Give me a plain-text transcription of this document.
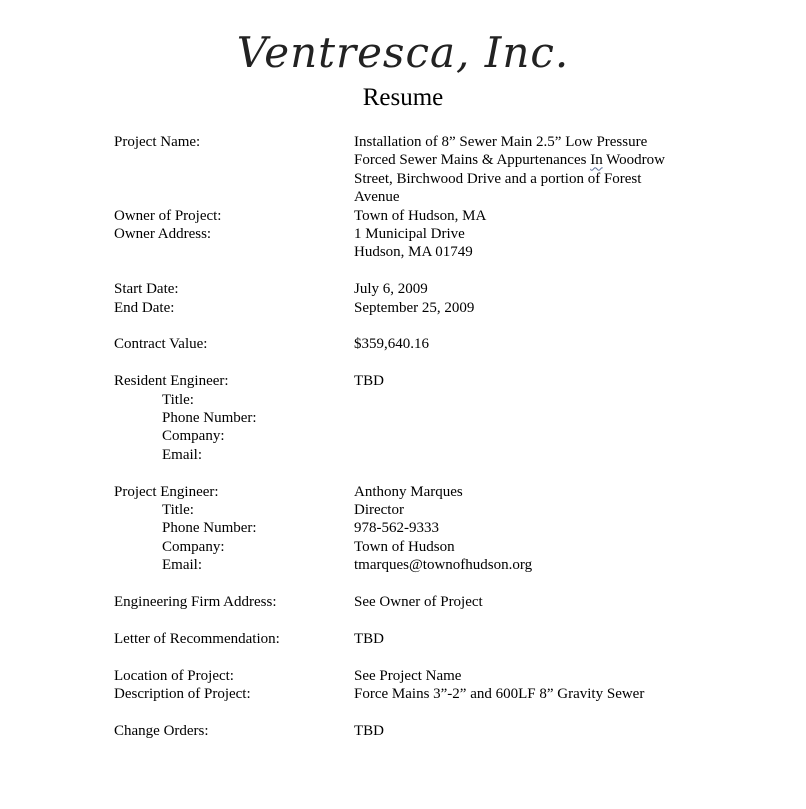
Ventresca, Inc.
Resume
Project Name:	Installation of 8” Sewer Main 2.5” Low Pressure
Forced Sewer Mains & Appurtenances In Woodrow
Street, Birchwood Drive and a portion of Forest
Avenue
Owner of Project:	Town of Hudson, MA
Owner Address:	1 Municipal Drive
Hudson, MA 01749
Start Date:	July 6, 2009
End Date:	September 25, 2009
Contract Value:	$359,640.16
Resident Engineer:	TBD
Title:
Phone Number:
Company:
Email:
Project Engineer:	Anthony Marques
Title:	Director
Phone Number:	978-562-9333
Company:	Town of Hudson
Email:	tmarques@townofhudson.org
Engineering Firm Address:	See Owner of Project
Letter of Recommendation:	TBD
Location of Project:	See Project Name
Description of Project:	Force Mains 3”-2” and 600LF 8” Gravity Sewer
Change Orders:	TBD
